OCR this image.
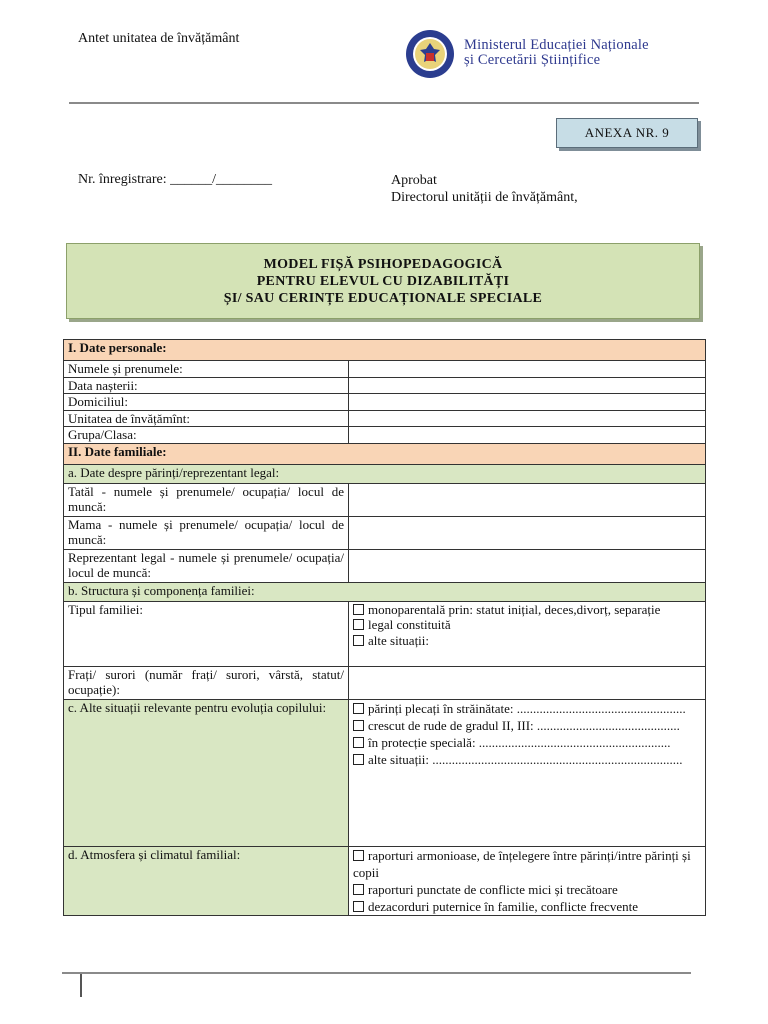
Antet unitatea de învățământ	Ministerul Educației Naționale
și Cercetării Științifice
ANEXA NR. 9
Nr. înregistrare: ______/________	Aprobat
Directorul unității de învățământ,
MODEL FIȘĂ PSIHOPEDAGOGICĂ
PENTRU ELEVUL CU DIZABILITĂȚI
ȘI/ SAU CERINȚE EDUCAȚIONALE SPECIALE
I. Date personale:	
Numele și prenumele:	
Data nașterii:	
Domiciliul:	
Unitatea de învățămînt:	
Grupa/Clasa:	
II. Date familiale:	
a. Date despre părinți/reprezentant legal:	
Tatăl - numele și prenumele/ ocupația/ locul de muncă:	
Mama - numele și prenumele/ ocupația/ locul de muncă:	
Reprezentant legal - numele și prenumele/ ocupația/ locul de muncă:	
b. Structura și componența familiei:	
Tipul familiei:	monoparentală prin: statut inițial, deces,divorț, separație
legal constituită
alte situații:

Frați/ surori (număr frați/ surori, vârstă, statut/ ocupație):	
c. Alte situații relevante pentru evoluția copilului:	părinți plecați în străinătate: ....................................................
crescut de rude de gradul II, III: ............................................
în protecție specială: ...........................................................
alte situații: .............................................................................

d. Atmosfera și climatul familial:	raporturi armonioase, de înțelegere între părinți/intre părinți și copii
raporturi punctate de conflicte mici și trecătoare
dezacorduri puternice în familie, conflicte frecvente
